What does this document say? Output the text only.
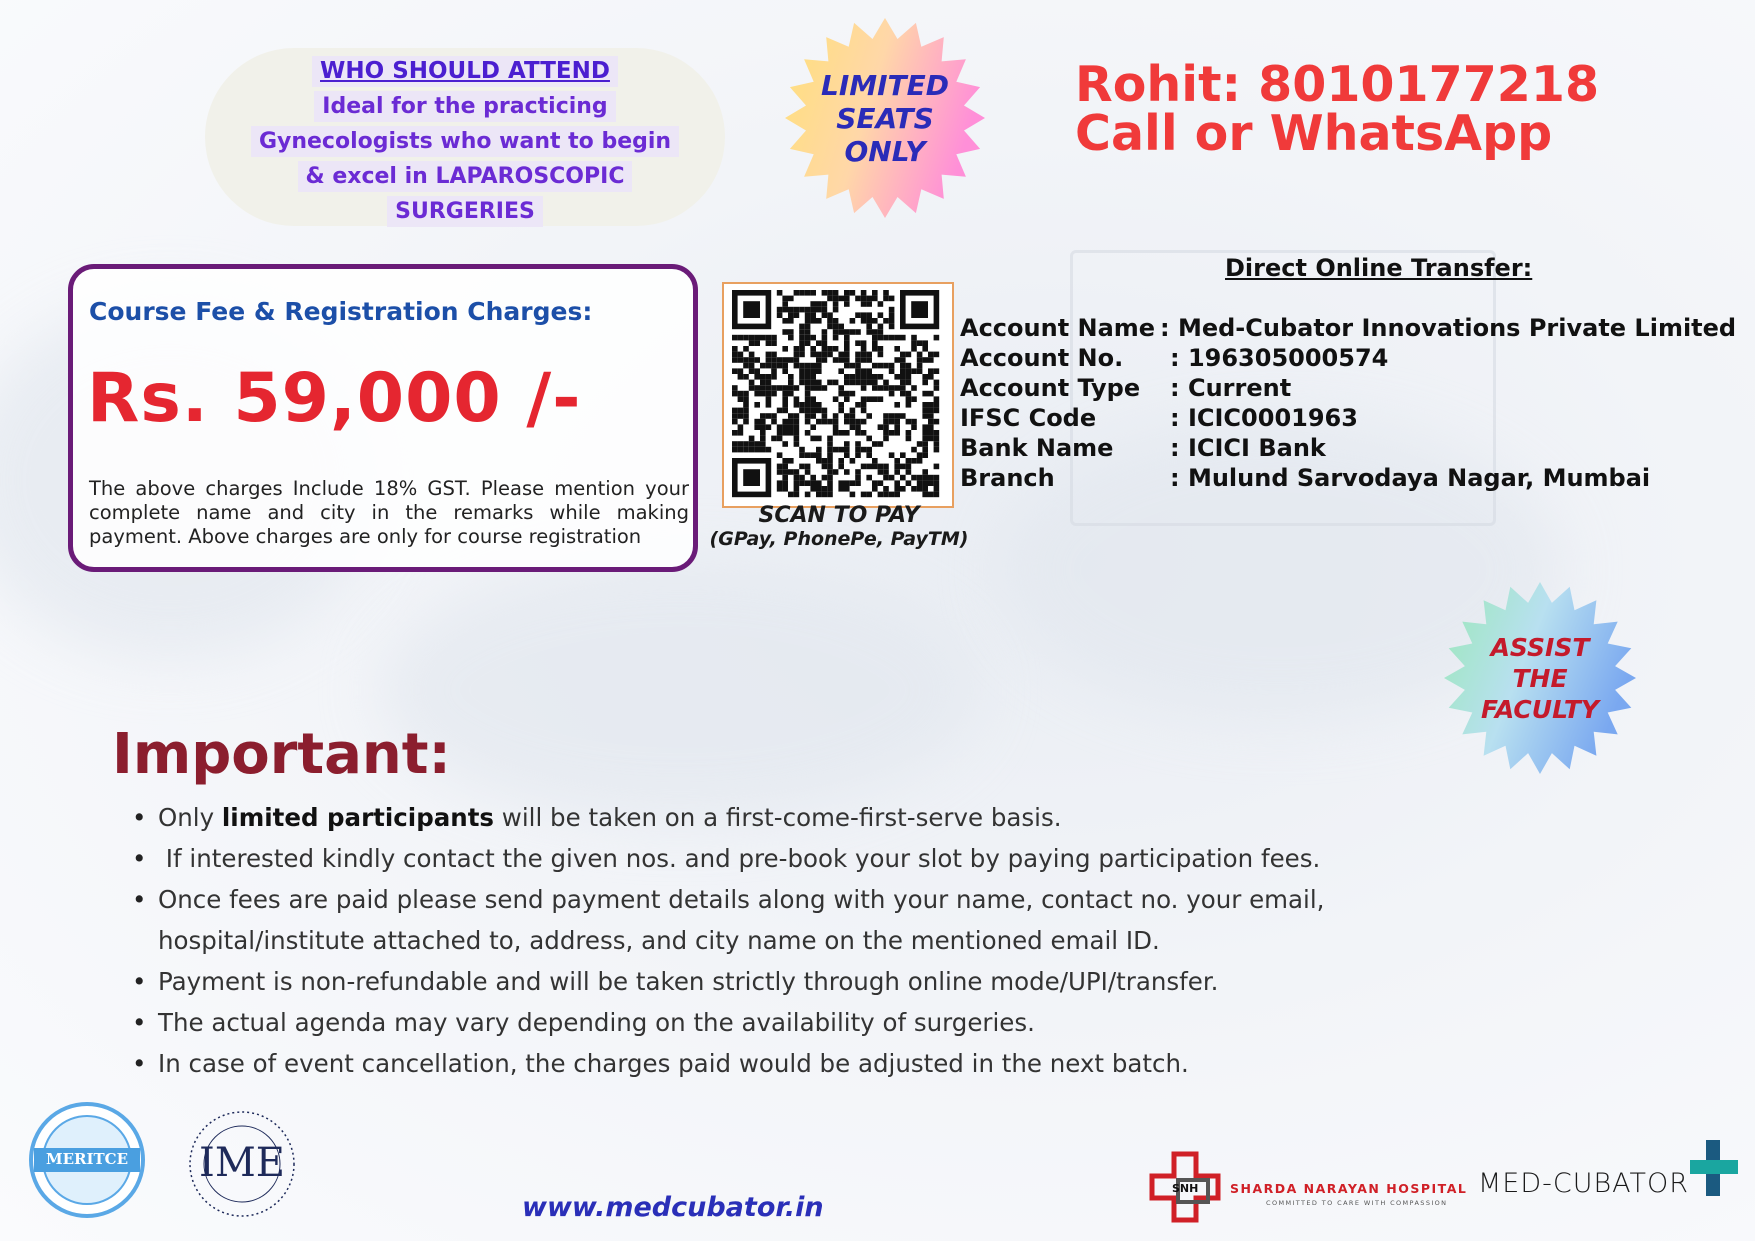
WHO SHOULD ATTEND
Ideal for the practicing
Gynecologists who want to begin
& excel in LAPAROSCOPIC
SURGERIES
LIMITED
SEATS
ONLY
Rohit: 8010177218
Call or WhatsApp
Course Fee & Registration Charges:
Rs. 59,000 /-
The above charges Include 18% GST. Please mention your complete name and city in the remarks while making payment. Above charges are only for course registration
SCAN TO PAY
(GPay, PhonePe, PayTM)
Direct Online Transfer:
Account Name : Med-Cubator Innovations Private Limited
Account No.	: 196305000574
Account Type	: Current
IFSC Code	: ICIC0001963
Bank Name	: ICICI Bank
Branch	: Mulund Sarvodaya Nagar, Mumbai
ASSIST
THE
FACULTY
Important:
• Only limited participants will be taken on a first-come-first-serve basis.
•  If interested kindly contact the given nos. and pre-book your slot by paying participation fees.
• Once fees are paid please send payment details along with your name, contact no. your email, hospital/institute attached to, address, and city name on the mentioned email ID.
• Payment is non-refundable and will be taken strictly through online mode/UPI/transfer.
• The actual agenda may vary depending on the availability of surgeries.
• In case of event cancellation, the charges paid would be adjusted in the next batch.
MERITCE	IME
www.medcubator.in
SNH	SHARDA NARAYAN HOSPITAL
COMMITTED TO CARE WITH COMPASSION
MED-CUBATOR
